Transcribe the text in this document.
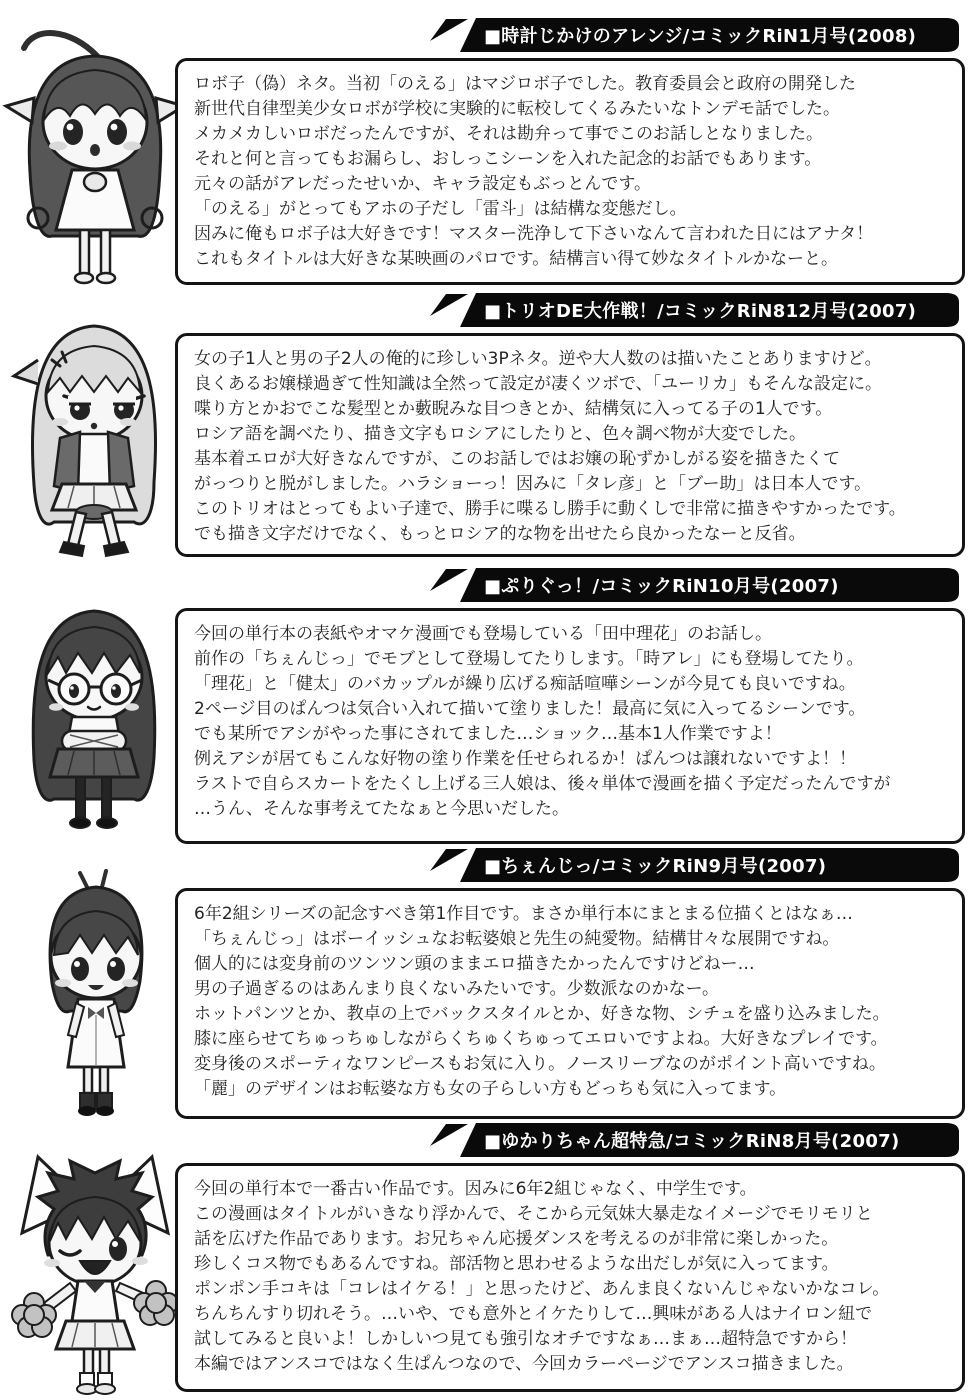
■時計じかけのアレンジ/コミックRiN1月号(2008)
ロボ子（偽）ネタ。当初「のえる」はマジロボ子でした。教育委員会と政府の開発した
新世代自律型美少女ロボが学校に実験的に転校してくるみたいなトンデモ話でした。
メカメカしいロボだったんですが、それは勘弁って事でこのお話しとなりました。
それと何と言ってもお漏らし、おしっこシーンを入れた記念的お話でもあります。
元々の話がアレだったせいか、キャラ設定もぶっとんです。
「のえる」がとってもアホの子だし「雷斗」は結構な変態だし。
因みに俺もロボ子は大好きです！マスター洗浄して下さいなんて言われた日にはアナタ！
これもタイトルは大好きな某映画のパロです。結構言い得て妙なタイトルかなーと。
■トリオDE大作戦！/コミックRiN812月号(2007)
女の子1人と男の子2人の俺的に珍しい3Pネタ。逆や大人数のは描いたことありますけど。
良くあるお嬢様過ぎて性知識は全然って設定が凄くツボで、「ユーリカ」もそんな設定に。
喋り方とかおでこな髪型とか藪睨みな目つきとか、結構気に入ってる子の1人です。
ロシア語を調べたり、描き文字もロシアにしたりと、色々調べ物が大変でした。
基本着エロが大好きなんですが、このお話しではお嬢の恥ずかしがる姿を描きたくて
がっつりと脱がしました。ハラショーっ！因みに「タレ彦」と「ブー助」は日本人です。
このトリオはとってもよい子達で、勝手に喋るし勝手に動くしで非常に描きやすかったです。
でも描き文字だけでなく、もっとロシア的な物を出せたら良かったなーと反省。
■ぷりぐっ！/コミックRiN10月号(2007)
今回の単行本の表紙やオマケ漫画でも登場している「田中理花」のお話し。
前作の「ちぇんじっ」でモブとして登場してたりします。「時アレ」にも登場してたり。
「理花」と「健太」のバカップルが繰り広げる痴話喧嘩シーンが今見ても良いですね。
2ページ目のぱんつは気合い入れて描いて塗りました！最高に気に入ってるシーンです。
でも某所でアシがやった事にされてました…ショック…基本1人作業ですよ！
例えアシが居てもこんな好物の塗り作業を任せられるか！ぱんつは譲れないですよ！！
ラストで自らスカートをたくし上げる三人娘は、後々単体で漫画を描く予定だったんですが
…うん、そんな事考えてたなぁと今思いだした。
■ちぇんじっ/コミックRiN9月号(2007)
6年2組シリーズの記念すべき第1作目です。まさか単行本にまとまる位描くとはなぁ…
「ちぇんじっ」はボーイッシュなお転婆娘と先生の純愛物。結構甘々な展開ですね。
個人的には変身前のツンツン頭のままエロ描きたかったんですけどねー…
男の子過ぎるのはあんまり良くないみたいです。少数派なのかなー。
ホットパンツとか、教卓の上でバックスタイルとか、好きな物、シチュを盛り込みました。
膝に座らせてちゅっちゅしながらくちゅくちゅってエロいですよね。大好きなプレイです。
変身後のスポーティなワンピースもお気に入り。ノースリーブなのがポイント高いですね。
「麗」のデザインはお転婆な方も女の子らしい方もどっちも気に入ってます。
■ゆかりちゃん超特急/コミックRiN8月号(2007)
今回の単行本で一番古い作品です。因みに6年2組じゃなく、中学生です。
この漫画はタイトルがいきなり浮かんで、そこから元気妹大暴走なイメージでモリモリと
話を広げた作品であります。お兄ちゃん応援ダンスを考えるのが非常に楽しかった。
珍しくコス物でもあるんですね。部活物と思わせるような出だしが気に入ってます。
ポンポン手コキは「コレはイケる！」と思ったけど、あんま良くないんじゃないかなコレ。
ちんちんすり切れそう。…いや、でも意外とイケたりして…興味がある人はナイロン紐で
試してみると良いよ！しかしいつ見ても強引なオチですなぁ…まぁ…超特急ですから！
本編ではアンスコではなく生ぱんつなので、今回カラーページでアンスコ描きました。
